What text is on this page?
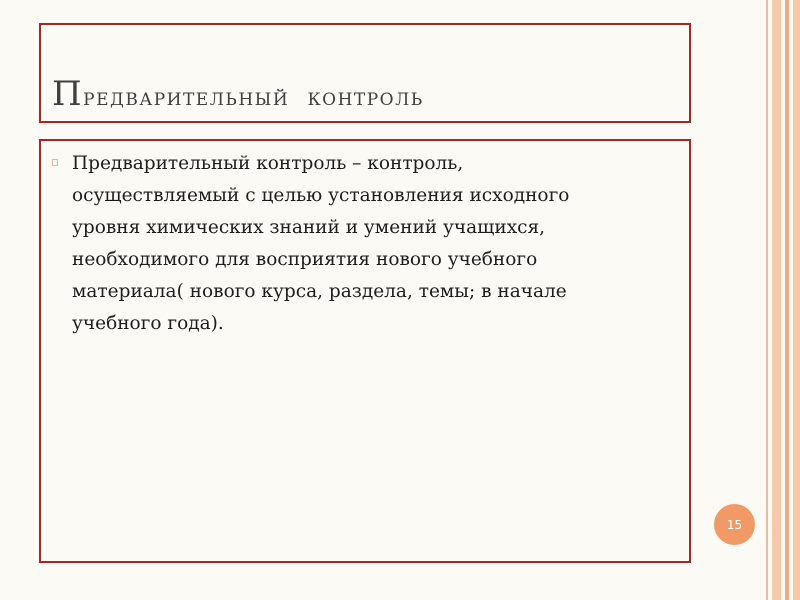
Предварительный  контроль

Предварительный контроль – контроль,
осуществляемый с целью установления исходного
уровня химических знаний и умений учащихся,
необходимого для восприятия нового учебного
материала( нового курса, раздела, темы; в начале
учебного года).

15
